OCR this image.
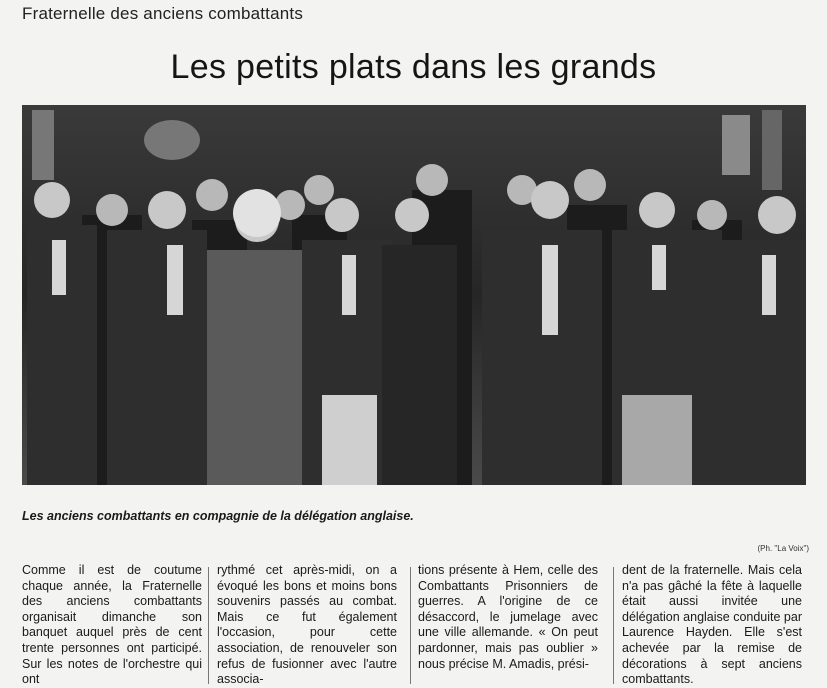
Fraternelle des anciens combattants
Les petits plats dans les grands
Les anciens combattants en compagnie de la délégation anglaise.
(Ph. "La Voix")

Comme il est de coutume chaque année, la Fraternelle des anciens combattants organisait dimanche son banquet auquel près de cent trente personnes ont participé. Sur les notes de l'orchestre qui ont

rythmé cet après-midi, on a évoqué les bons et moins bons souvenirs passés au combat. Mais ce fut également l'occasion, pour cette association, de renouveler son refus de fusionner avec l'autre associa-

tions présente à Hem, celle des Combattants Prisonniers de guerres. A l'origine de ce désaccord, le jumelage avec une ville allemande. « On peut pardonner, mais pas oublier » nous précise M. Amadis, prési-

dent de la fraternelle. Mais cela n'a pas gâché la fête à laquelle était aussi invitée une délégation anglaise conduite par Laurence Hayden. Elle s'est achevée par la remise de décorations à sept anciens combattants.
